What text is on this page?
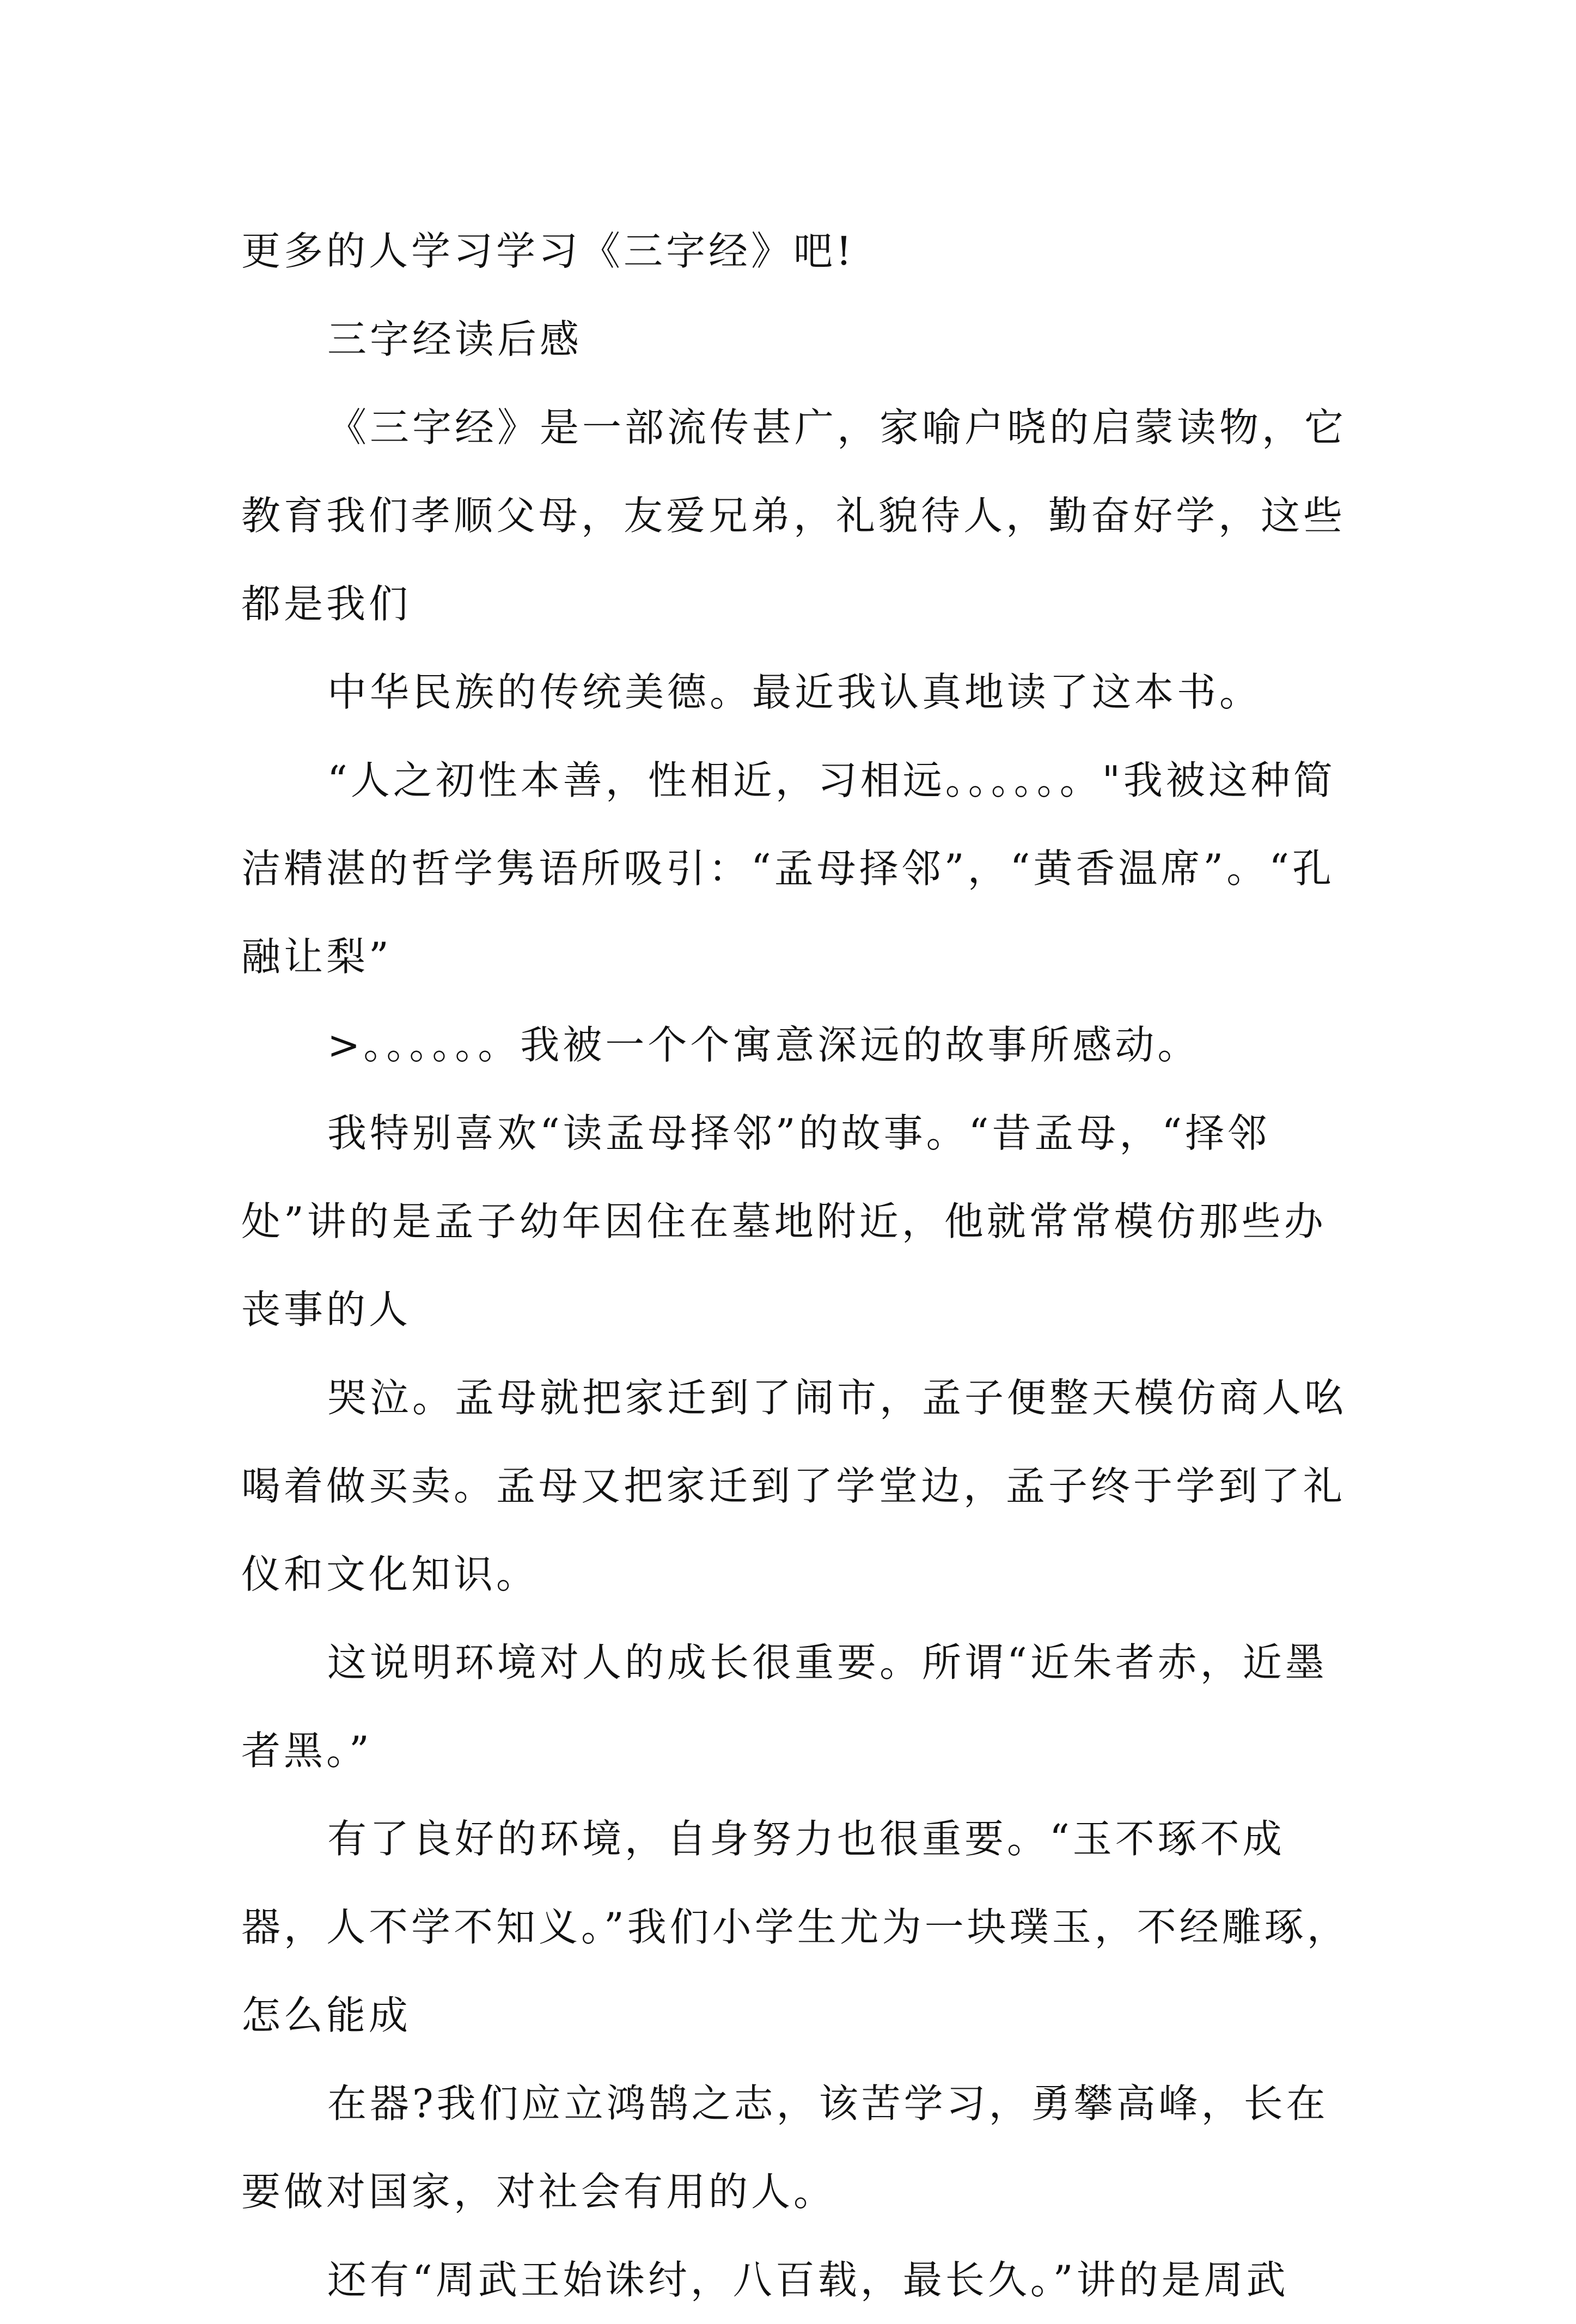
更多的人学习学习《三字经》吧!

三字经读后感

《三字经》是一部流传甚广，家喻户晓的启蒙读物，它教育我们孝顺父母，友爱兄弟，礼貌待人，勤奋好学，这些都是我们

中华民族的传统美德。最近我认真地读了这本书。

“人之初性本善，性相近，习相远。。。。。。"我被这种简洁精湛的哲学隽语所吸引：“孟母择邻”，“黄香温席”。“孔融让梨”

>。。。。。。我被一个个寓意深远的故事所感动。

我特别喜欢“读孟母择邻”的故事。“昔孟母，“择邻处”讲的是孟子幼年因住在墓地附近，他就常常模仿那些办丧事的人

哭泣。孟母就把家迁到了闹市，孟子便整天模仿商人吆喝着做买卖。孟母又把家迁到了学堂边，孟子终于学到了礼仪和文化知识。

这说明环境对人的成长很重要。所谓“近朱者赤，近墨者黑。”

有了良好的环境，自身努力也很重要。“玉不琢不成器，人不学不知义。”我们小学生尤为一块璞玉，不经雕琢，怎么能成

在器?我们应立鸿鹄之志，该苦学习，勇攀高峰，长在要做对国家，对社会有用的人。

还有“周武王始诛纣，八百载，最长久。”讲的是周武
